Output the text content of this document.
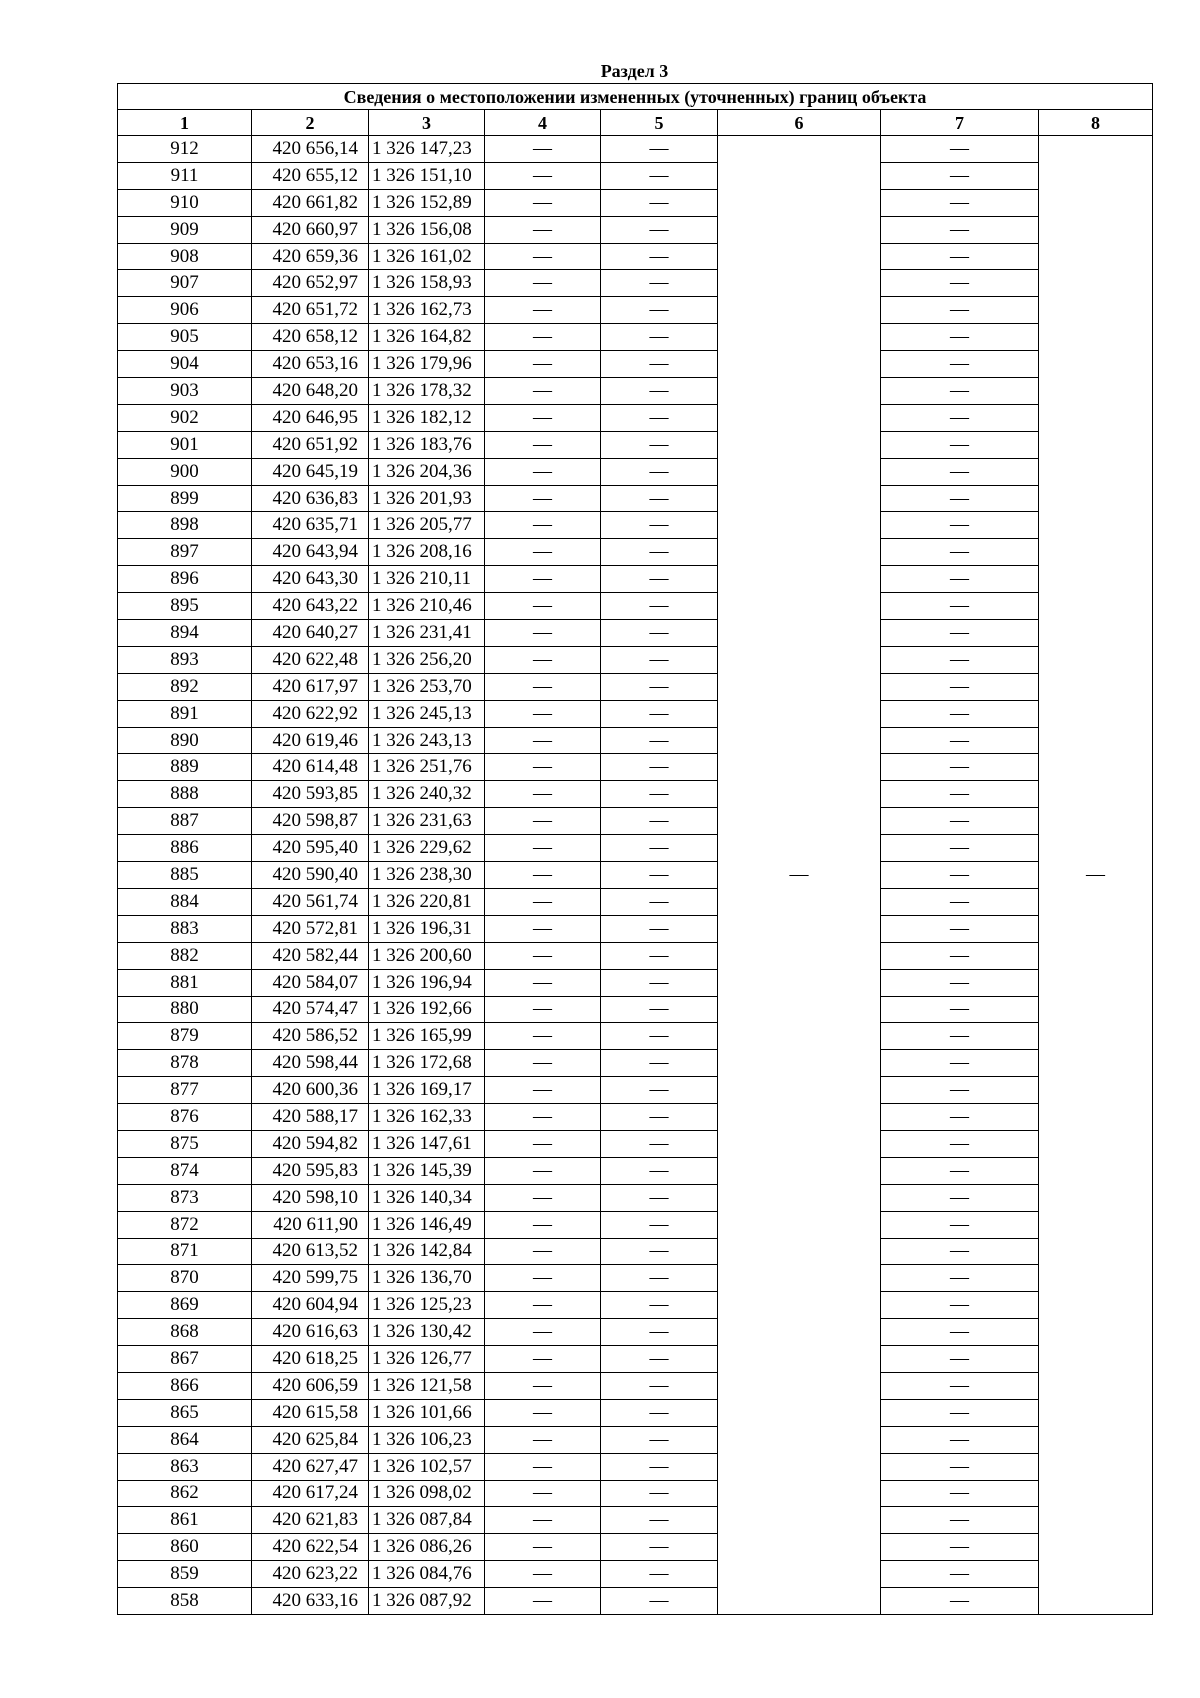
Раздел 3
Сведения о местоположении измененных (уточненных) границ объекта							
1	2	3	4	5	6	7	8
912	420 656,14	1 326 147,23	—	—	—	—	—
911	420 655,12	1 326 151,10	—	—		—	
910	420 661,82	1 326 152,89	—	—		—	
909	420 660,97	1 326 156,08	—	—		—	
908	420 659,36	1 326 161,02	—	—		—	
907	420 652,97	1 326 158,93	—	—		—	
906	420 651,72	1 326 162,73	—	—		—	
905	420 658,12	1 326 164,82	—	—		—	
904	420 653,16	1 326 179,96	—	—		—	
903	420 648,20	1 326 178,32	—	—		—	
902	420 646,95	1 326 182,12	—	—		—	
901	420 651,92	1 326 183,76	—	—		—	
900	420 645,19	1 326 204,36	—	—		—	
899	420 636,83	1 326 201,93	—	—		—	
898	420 635,71	1 326 205,77	—	—		—	
897	420 643,94	1 326 208,16	—	—		—	
896	420 643,30	1 326 210,11	—	—		—	
895	420 643,22	1 326 210,46	—	—		—	
894	420 640,27	1 326 231,41	—	—		—	
893	420 622,48	1 326 256,20	—	—		—	
892	420 617,97	1 326 253,70	—	—		—	
891	420 622,92	1 326 245,13	—	—		—	
890	420 619,46	1 326 243,13	—	—		—	
889	420 614,48	1 326 251,76	—	—		—	
888	420 593,85	1 326 240,32	—	—		—	
887	420 598,87	1 326 231,63	—	—		—	
886	420 595,40	1 326 229,62	—	—		—	
885	420 590,40	1 326 238,30	—	—		—	
884	420 561,74	1 326 220,81	—	—		—	
883	420 572,81	1 326 196,31	—	—		—	
882	420 582,44	1 326 200,60	—	—		—	
881	420 584,07	1 326 196,94	—	—		—	
880	420 574,47	1 326 192,66	—	—		—	
879	420 586,52	1 326 165,99	—	—		—	
878	420 598,44	1 326 172,68	—	—		—	
877	420 600,36	1 326 169,17	—	—		—	
876	420 588,17	1 326 162,33	—	—		—	
875	420 594,82	1 326 147,61	—	—		—	
874	420 595,83	1 326 145,39	—	—		—	
873	420 598,10	1 326 140,34	—	—		—	
872	420 611,90	1 326 146,49	—	—		—	
871	420 613,52	1 326 142,84	—	—		—	
870	420 599,75	1 326 136,70	—	—		—	
869	420 604,94	1 326 125,23	—	—		—	
868	420 616,63	1 326 130,42	—	—		—	
867	420 618,25	1 326 126,77	—	—		—	
866	420 606,59	1 326 121,58	—	—		—	
865	420 615,58	1 326 101,66	—	—		—	
864	420 625,84	1 326 106,23	—	—		—	
863	420 627,47	1 326 102,57	—	—		—	
862	420 617,24	1 326 098,02	—	—		—	
861	420 621,83	1 326 087,84	—	—		—	
860	420 622,54	1 326 086,26	—	—		—	
859	420 623,22	1 326 084,76	—	—		—	
858	420 633,16	1 326 087,92	—	—		—	
